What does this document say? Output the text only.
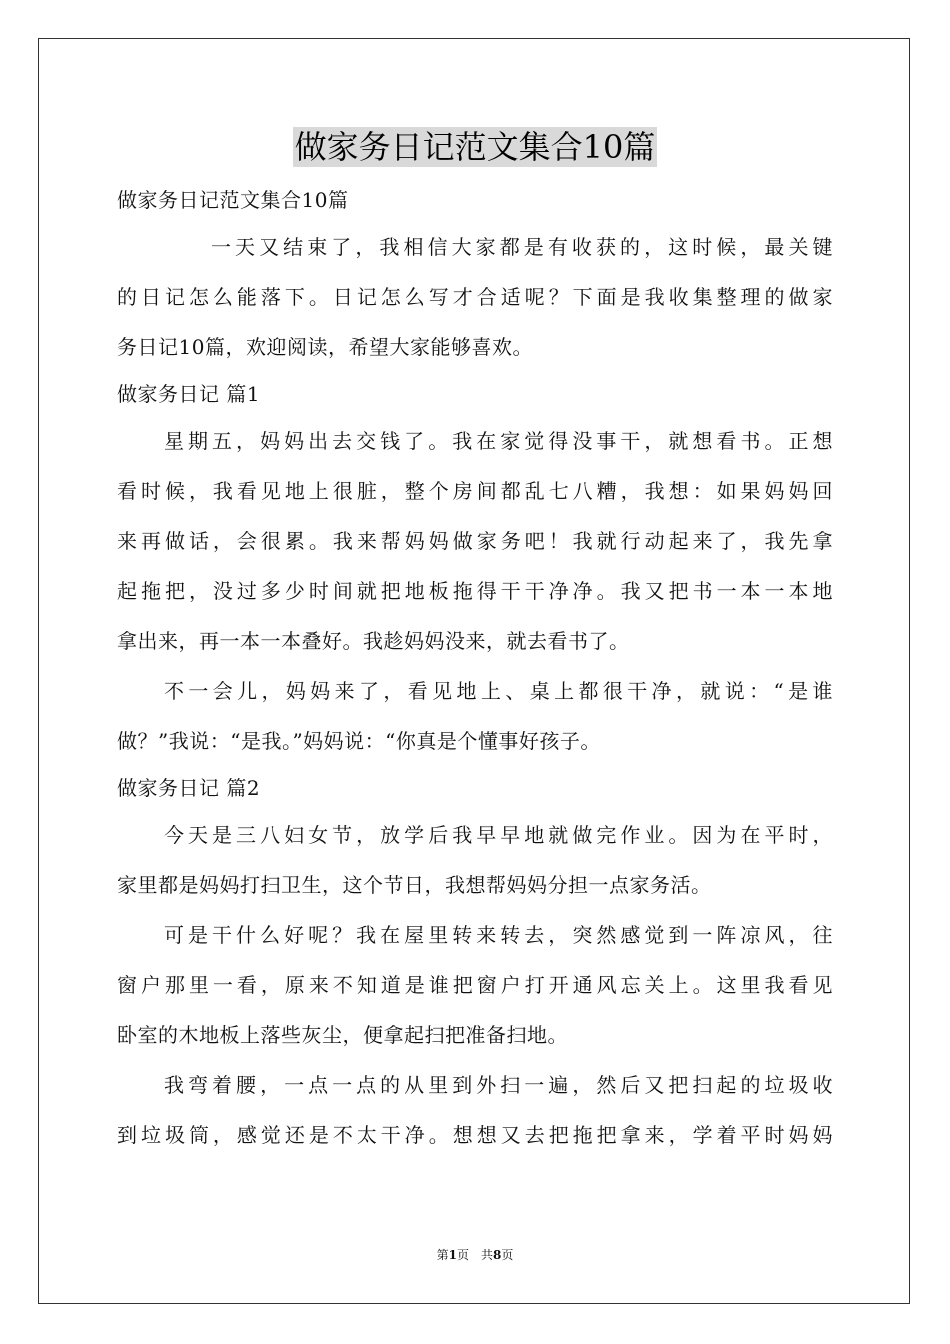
做家务日记范文集合10篇
做家务日记范文集合10篇
一天又结束了，我相信大家都是有收获的，这时候，最关键
的日记怎么能落下。日记怎么写才合适呢？下面是我收集整理的做家
务日记10篇，欢迎阅读，希望大家能够喜欢。
做家务日记 篇1
星期五，妈妈出去交钱了。我在家觉得没事干，就想看书。正想
看时候，我看见地上很脏，整个房间都乱七八糟，我想：如果妈妈回
来再做话，会很累。我来帮妈妈做家务吧！我就行动起来了，我先拿
起拖把，没过多少时间就把地板拖得干干净净。我又把书一本一本地
拿出来，再一本一本叠好。我趁妈妈没来，就去看书了。
不一会儿，妈妈来了，看见地上、桌上都很干净，就说：“是谁
做？”我说：“是我。”妈妈说：“你真是个懂事好孩子。
做家务日记 篇2
今天是三八妇女节，放学后我早早地就做完作业。因为在平时，
家里都是妈妈打扫卫生，这个节日，我想帮妈妈分担一点家务活。
可是干什么好呢？我在屋里转来转去，突然感觉到一阵凉风，往
窗户那里一看，原来不知道是谁把窗户打开通风忘关上。这里我看见
卧室的木地板上落些灰尘，便拿起扫把准备扫地。
我弯着腰，一点一点的从里到外扫一遍，然后又把扫起的垃圾收
到垃圾筒，感觉还是不太干净。想想又去把拖把拿来，学着平时妈妈
第1页　共8页
